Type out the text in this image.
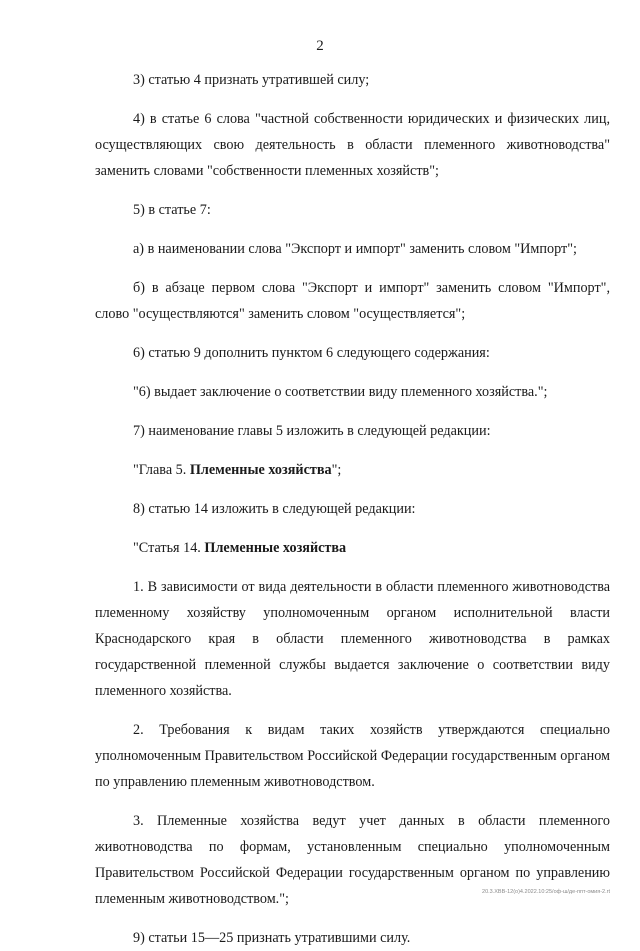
2

3) статью 4 признать утратившей силу;

4) в статье 6 слова "частной собственности юридических и физических лиц, осуществляющих свою деятельность в области племенного животноводства" заменить словами "собственности племенных хозяйств";

5) в статье 7:

а) в наименовании слова "Экспорт и импорт" заменить словом "Импорт";

б) в абзаце первом слова "Экспорт и импорт" заменить словом "Импорт", слово "осуществляются" заменить словом "осуществляется";

6) статью 9 дополнить пунктом 6 следующего содержания:

"6) выдает заключение о соответствии виду племенного хозяйства.";

7) наименование главы 5 изложить в следующей редакции:

"Глава 5. Племенные хозяйства";

8) статью 14 изложить в следующей редакции:

"Статья 14. Племенные хозяйства

1. В зависимости от вида деятельности в области племенного животноводства племенному хозяйству уполномоченным органом исполнительной власти Краснодарского края в области племенного животноводства в рамках государственной племенной службы выдается заключение о соответствии виду племенного хозяйства.

2. Требования к видам таких хозяйств утверждаются специально уполномоченным Правительством Российской Федерации государственным органом по управлению племенным животноводством.

3. Племенные хозяйства ведут учет данных в области племенного животноводства по формам, установленным специально уполномоченным Правительством Российской Федерации государственным органом по управлению племенным животноводством.";

9) статьи 15—25 признать утратившими силу.

20.3.ХВВ-12(о)4.2022.10:25/оф-ш/де-ппт-омия-2.rt
